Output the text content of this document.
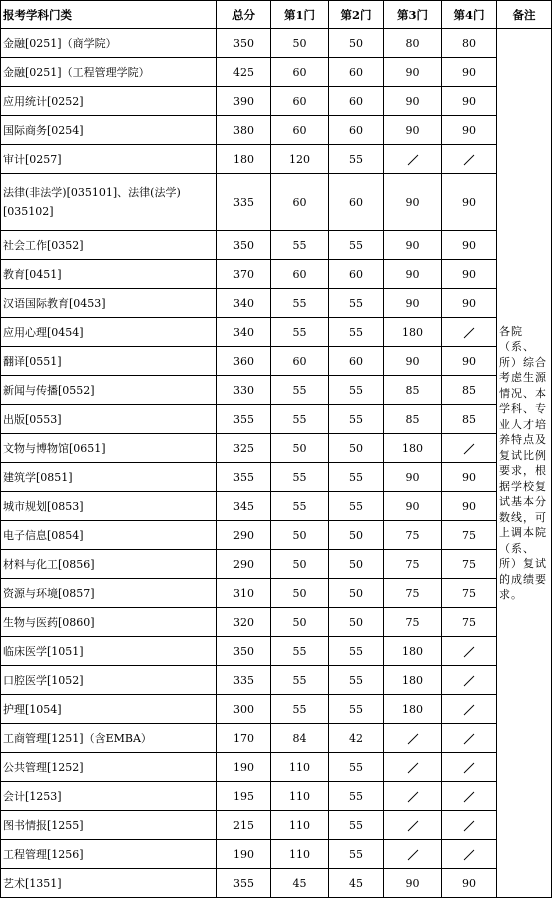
报考学科门类	总分	第1门	第2门	第3门	第4门	备注
金融[0251]（商学院）	350	50	50	80	80	各院（系、所）综合考虑生源情况、本学科、专业人才培养特点及复试比例要求，根据学校复试基本分数线，可上调本院（系、所）复试的成绩要求。
金融[0251]（工程管理学院）	425	60	60	90	90	
应用统计[0252]	390	60	60	90	90	
国际商务[0254]	380	60	60	90	90	
审计[0257]	180	120	55		
法律(非法学)[035101]、法律(法学)[035102]	335	60	60	90	90	
社会工作[0352]	350	55	55	90	90	
教育[0451]	370	60	60	90	90	
汉语国际教育[0453]	340	55	55	90	90	
应用心理[0454]	340	55	55	180	
翻译[0551]	360	60	60	90	90	
新闻与传播[0552]	330	55	55	85	85	
出版[0553]	355	55	55	85	85	
文物与博物馆[0651]	325	50	50	180	
建筑学[0851]	355	55	55	90	90	
城市规划[0853]	345	55	55	90	90	
电子信息[0854]	290	50	50	75	75	
材料与化工[0856]	290	50	50	75	75	
资源与环境[0857]	310	50	50	75	75	
生物与医药[0860]	320	50	50	75	75	
临床医学[1051]	350	55	55	180	
口腔医学[1052]	335	55	55	180	
护理[1054]	300	55	55	180	
工商管理[1251]（含EMBA）	170	84	42		
公共管理[1252]	190	110	55		
会计[1253]	195	110	55		
图书情报[1255]	215	110	55		
工程管理[1256]	190	110	55		
艺术[1351]	355	45	45	90	90	
